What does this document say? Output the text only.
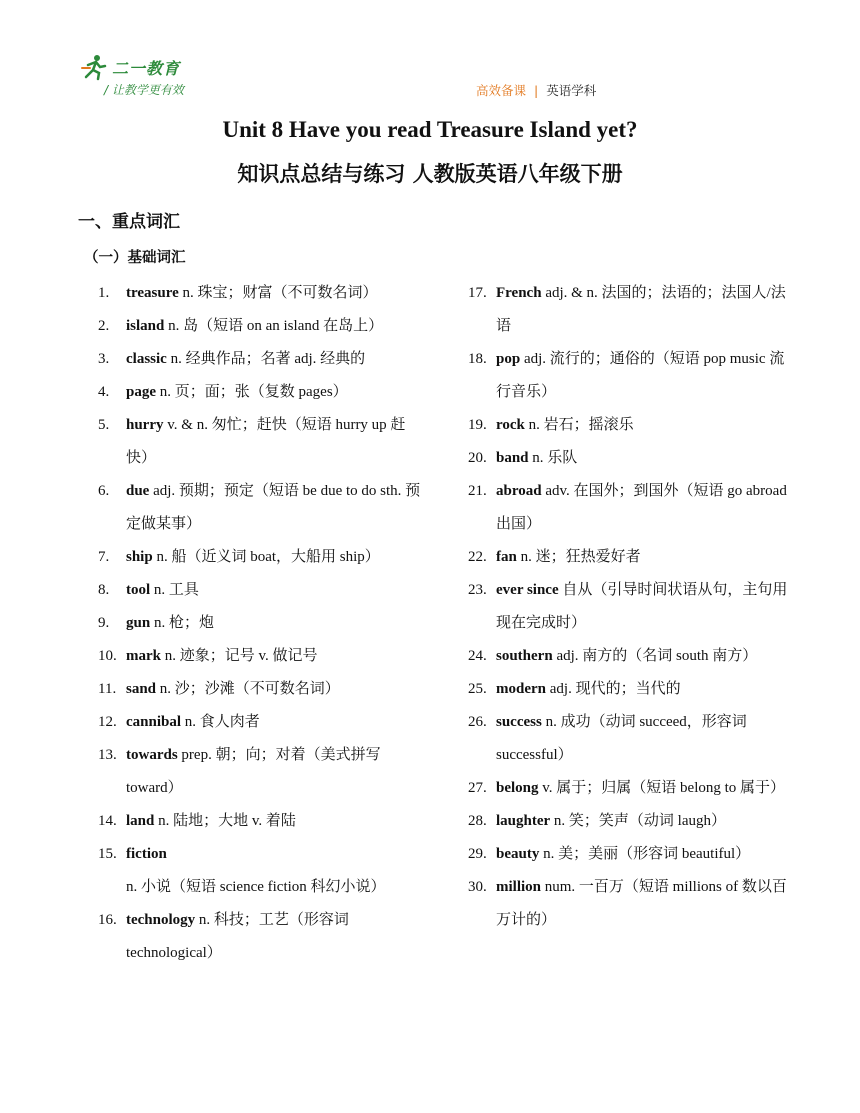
二一教育
/ 让教学更有效	高效备课 | 英语学科
Unit 8 Have you read Treasure Island yet?
知识点总结与练习 人教版英语八年级下册
一、重点词汇
（一）基础词汇
1.	treasure n. 珠宝；财富（不可数名词）
2.	island n. 岛（短语 on an island 在岛上）
3.	classic n. 经典作品；名著 adj. 经典的
4.	page n. 页；面；张（复数 pages）
5.	hurry v. & n. 匆忙；赶快（短语 hurry up 赶快）
6.	due adj. 预期；预定（短语 be due to do sth. 预定做某事）
7.	ship n. 船（近义词 boat，大船用 ship）
8.	tool n. 工具
9.	gun n. 枪；炮
10. mark n. 迹象；记号 v. 做记号
11. sand n. 沙；沙滩（不可数名词）
12. cannibal n. 食人肉者
13. towards prep. 朝；向；对着（美式拼写 toward）
14. land n. 陆地；大地 v. 着陆
15. fiction n. 小说（短语 science fiction 科幻小说）
16. technology n. 科技；工艺（形容词 technological）
17. French adj. & n. 法国的；法语的；法国人/法语
18. pop adj. 流行的；通俗的（短语 pop music 流行音乐）
19. rock n. 岩石；摇滚乐
20. band n. 乐队
21. abroad adv. 在国外；到国外（短语 go abroad 出国）
22. fan n. 迷；狂热爱好者
23. ever since 自从（引导时间状语从句，主句用现在完成时）
24. southern adj. 南方的（名词 south 南方）
25. modern adj. 现代的；当代的
26. success n. 成功（动词 succeed，形容词 successful）
27. belong v. 属于；归属（短语 belong to 属于）
28. laughter n. 笑；笑声（动词 laugh）
29. beauty n. 美；美丽（形容词 beautiful）
30. million num. 一百万（短语 millions of 数以百万计的）
